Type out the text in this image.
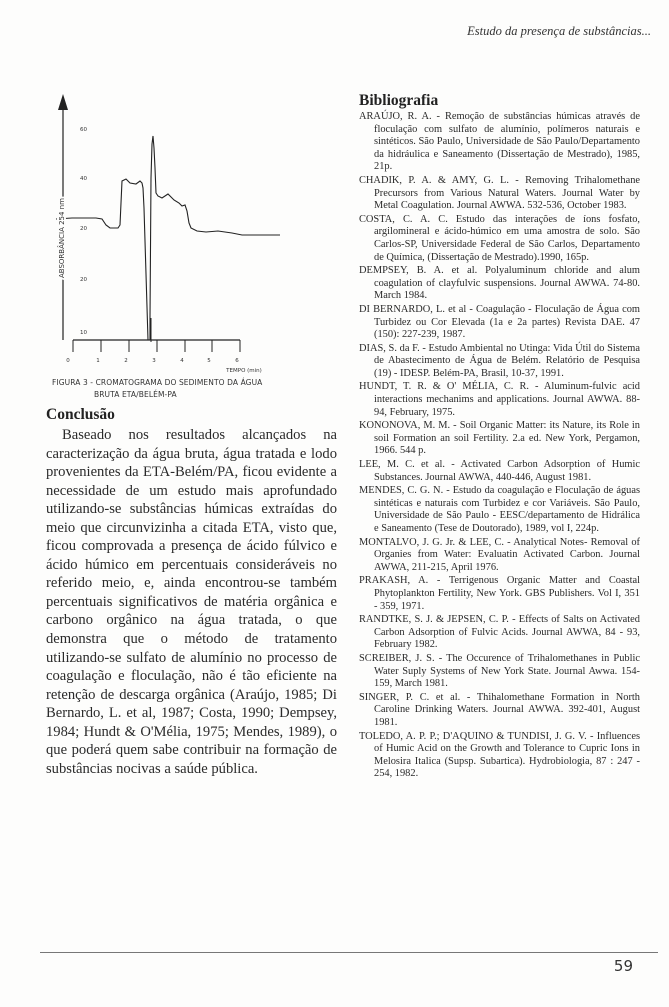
Estudo da presença de substâncias...
60
40
20
20
10
0	1	2	3	4	5	6
TEMPO (min)
ABSORBÂNCIA 254 nm
FIGURA 3 - CROMATOGRAMA DO SEDIMENTO DA ÁGUA
BRUTA ETA/BELÉM-PA
Conclusão

Baseado nos resultados alcançados na caracterização da água bruta, água tratada e lodo provenientes da ETA-Belém/PA, ficou evidente a necessidade de um estudo mais aprofundado utilizando-se substâncias húmicas extraídas do meio que circunvizinha a citada ETA, visto que, ficou comprovada a presença de ácido fúlvico e ácido húmico em percentuais consideráveis no referido meio, e, ainda encontrou-se também percentuais significativos de matéria orgânica e carbono orgânico na água tratada, o que demonstra que o método de tratamento utilizando-se sulfato de alumínio no processo de coagulação e floculação, não é tão eficiente na retenção de descarga orgânica (Araújo, 1985; Di Bernardo, L. et al, 1987; Costa, 1990; Dempsey, 1984; Hundt & O'Mélia, 1975; Mendes, 1989), o que poderá quem sabe contribuir na formação de substâncias nocivas a saúde pública.

Bibliografia

ARAÚJO, R. A. - Remoção de substâncias húmicas através de floculação com sulfato de alumínio, polímeros naturais e sintéticos. São Paulo, Universidade de São Paulo/Departamento da hidráulica e Saneamento (Dissertação de Mestrado), 1985, 21p.

CHADIK, P. A. & AMY, G. L. - Removing Trihalomethane Precursors from Various Natural Waters. Journal Water by Metal Coagulation. Journal AWWA. 532-536, October 1983.

COSTA, C. A. C. Estudo das interações de íons fosfato, argilomineral e ácido-húmico em uma amostra de solo. São Carlos-SP, Universidade Federal de São Carlos, Departamento de Química, (Dissertação de Mestrado).1990, 165p.

DEMPSEY, B. A. et al. Polyaluminum chloride and alum coagulation of clayfulvic suspensions. Journal AWWA. 74-80. March 1984.

DI BERNARDO, L. et al - Coagulação - Floculação de Água com Turbidez ou Cor Elevada (1a e 2a partes) Revista DAE. 47 (150): 227-239, 1987.

DIAS, S. da F. - Estudo Ambiental no Utinga: Vida Útil do Sistema de Abastecimento de Água de Belém. Relatório de Pesquisa (19) - IDESP. Belém-PA, Brasil, 10-37, 1991.

HUNDT, T. R. & O' MÉLIA, C. R. - Aluminum-fulvic acid interactions mechanims and applications. Journal AWWA. 88-94, February, 1975.

KONONOVA, M. M. - Soil Organic Matter: its Nature, its Role in soil Formation an soil Fertility. 2.a ed. New York, Pergamon, 1966. 544 p.

LEE, M. C. et al. - Activated Carbon Adsorption of Humic Substances. Journal AWWA, 440-446, August 1981.

MENDES, C. G. N. - Estudo da coagulação e Floculação de águas sintéticas e naturais com Turbidez e cor Variáveis. São Paulo, Universidade de São Paulo - EESC/departamento de Hidrálica e Saneamento (Tese de Doutorado), 1989, vol I, 224p.

MONTALVO, J. G. Jr. & LEE, C. - Analytical Notes- Removal of Organies from Water: Evaluatin Activated Carbon. Journal AWWA, 211-215, April 1976.

PRAKASH, A. - Terrigenous Organic Matter and Coastal Phytoplankton Fertility, New York. GBS Publishers. Vol I, 351 - 359, 1971.

RANDTKE, S. J. & JEPSEN, C. P. - Effects of Salts on Activated Carbon Adsorption of Fulvic Acids. Journal AWWA, 84 - 93, February 1982.

SCREIBER, J. S. - The Occurence of Trihalomethanes in Public Water Suply Systems of New York State. Journal Awwa. 154-159, March 1981.

SINGER, P. C. et al. - Thihalomethane Formation in North Caroline Drinking Waters. Journal AWWA. 392-401, August 1981.

TOLEDO, A. P. P.; D'AQUINO & TUNDISI, J. G. V. - Influences of Humic Acid on the Growth and Tolerance to Cupric Ions in Melosira Italica (Supsp. Subartica). Hydrobiologia, 87 : 247 - 254, 1982.

59
